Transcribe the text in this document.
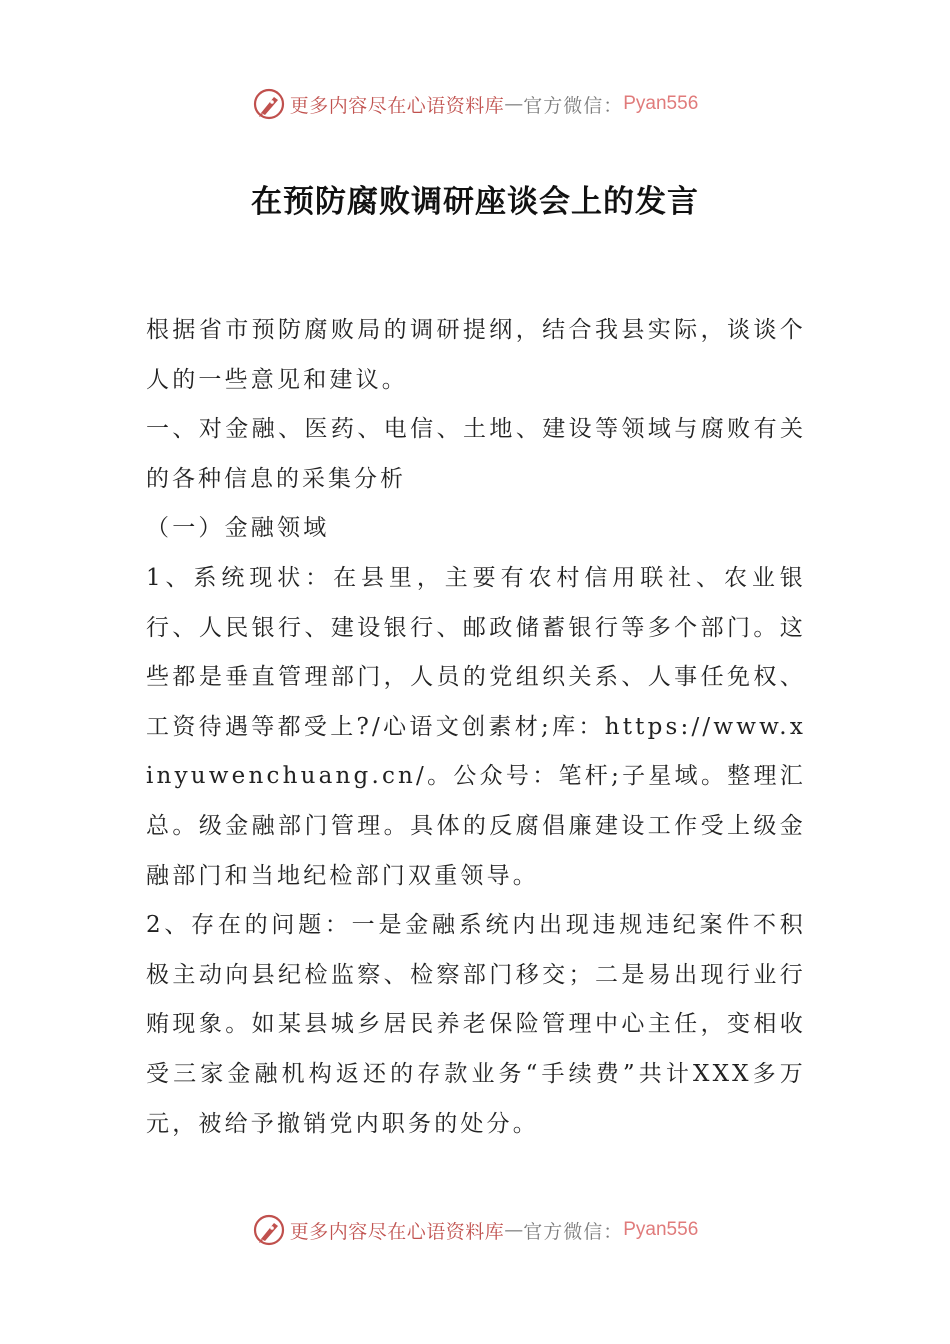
更多内容尽在心语资料库 — 官方微信： Pyan556
在预防腐败调研座谈会上的发言

根据省市预防腐败局的调研提纲，结合我县实际，谈谈个人的一些意见和建议。

一、对金融、医药、电信、土地、建设等领域与腐败有关的各种信息的采集分析

（一）金融领域

1、系统现状：在县里，主要有农村信用联社、农业银行、人民银行、建设银行、邮政储蓄银行等多个部门。这些都是垂直管理部门，人员的党组织关系、人事任免权、工资待遇等都受上?/心语文创素材;库：https://www.xinyuwenchuang.cn/。公众号：笔杆;子星域。整理汇总。级金融部门管理。具体的反腐倡廉建设工作受上级金融部门和当地纪检部门双重领导。

2、存在的问题：一是金融系统内出现违规违纪案件不积极主动向县纪检监察、检察部门移交；二是易出现行业行贿现象。如某县城乡居民养老保险管理中心主任，变相收受三家金融机构返还的存款业务“手续费”共计XXX多万元，被给予撤销党内职务的处分。

更多内容尽在心语资料库 — 官方微信： Pyan556
